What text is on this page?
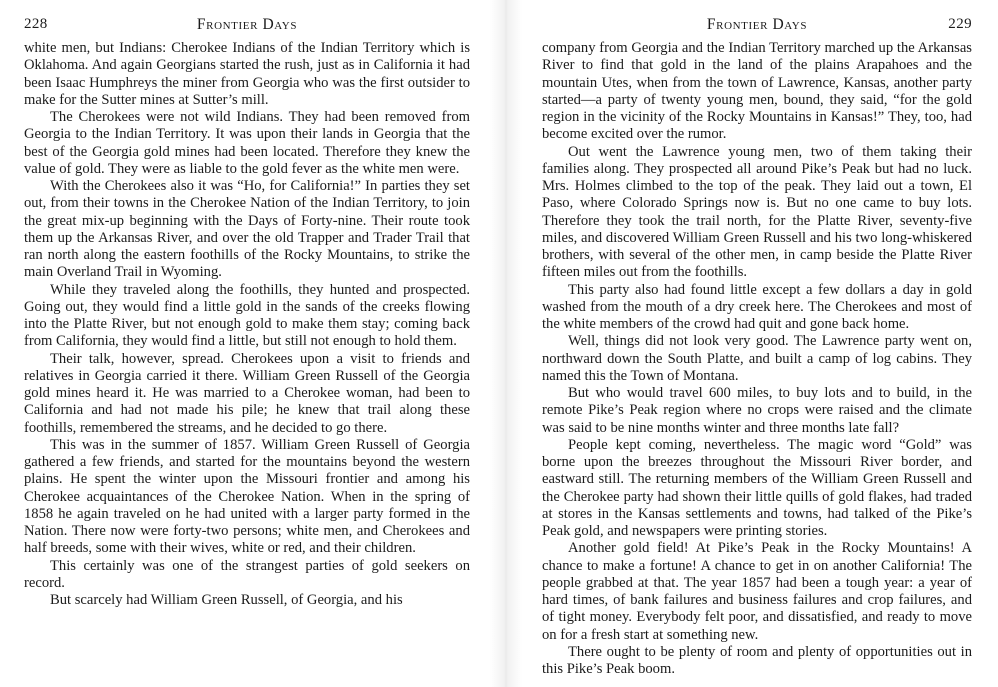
228	Frontier Days

white men, but Indians: Cherokee Indians of the Indian Territory which is Oklahoma. And again Georgians started the rush, just as in California it had been Isaac Humphreys the miner from Georgia who was the first outsider to make for the Sutter mines at Sutter’s mill.

The Cherokees were not wild Indians. They had been removed from Georgia to the Indian Territory. It was upon their lands in Georgia that the best of the Georgia gold mines had been located. Therefore they knew the value of gold. They were as liable to the gold fever as the white men were.

With the Cherokees also it was “Ho, for California!” In parties they set out, from their towns in the Cherokee Nation of the Indian Territory, to join the great mix-up beginning with the Days of Forty-nine. Their route took them up the Arkansas River, and over the old Trapper and Trader Trail that ran north along the eastern foothills of the Rocky Mountains, to strike the main Overland Trail in Wyoming.

While they traveled along the foothills, they hunted and prospected. Going out, they would find a little gold in the sands of the creeks flowing into the Platte River, but not enough gold to make them stay; coming back from California, they would find a little, but still not enough to hold them.

Their talk, however, spread. Cherokees upon a visit to friends and relatives in Georgia carried it there. William Green Russell of the Georgia gold mines heard it. He was married to a Cherokee woman, had been to California and had not made his pile; he knew that trail along these foothills, remembered the streams, and he decided to go there.

This was in the summer of 1857. William Green Russell of Georgia gathered a few friends, and started for the mountains beyond the western plains. He spent the winter upon the Missouri frontier and among his Cherokee acquaintances of the Cherokee Nation. When in the spring of 1858 he again traveled on he had united with a larger party formed in the Nation. There now were forty-two persons; white men, and Cherokees and half breeds, some with their wives, white or red, and their children.

This certainly was one of the strangest parties of gold seekers on record.

But scarcely had William Green Russell, of Georgia, and his

Frontier Days	229

company from Georgia and the Indian Territory marched up the Arkansas River to find that gold in the land of the plains Arapahoes and the mountain Utes, when from the town of Lawrence, Kansas, another party started—a party of twenty young men, bound, they said, “for the gold region in the vicinity of the Rocky Mountains in Kansas!” They, too, had become excited over the rumor.

Out went the Lawrence young men, two of them taking their families along. They prospected all around Pike’s Peak but had no luck. Mrs. Holmes climbed to the top of the peak. They laid out a town, El Paso, where Colorado Springs now is. But no one came to buy lots. Therefore they took the trail north, for the Platte River, seventy-five miles, and discovered William Green Russell and his two long-whiskered brothers, with several of the other men, in camp beside the Platte River fifteen miles out from the foothills.

This party also had found little except a few dollars a day in gold washed from the mouth of a dry creek here. The Cherokees and most of the white members of the crowd had quit and gone back home.

Well, things did not look very good. The Lawrence party went on, northward down the South Platte, and built a camp of log cabins. They named this the Town of Montana.

But who would travel 600 miles, to buy lots and to build, in the remote Pike’s Peak region where no crops were raised and the climate was said to be nine months winter and three months late fall?

People kept coming, nevertheless. The magic word “Gold” was borne upon the breezes throughout the Missouri River border, and eastward still. The returning members of the William Green Russell and the Cherokee party had shown their little quills of gold flakes, had traded at stores in the Kansas settlements and towns, had talked of the Pike’s Peak gold, and newspapers were printing stories.

Another gold field! At Pike’s Peak in the Rocky Mountains! A chance to make a fortune! A chance to get in on another California! The people grabbed at that. The year 1857 had been a tough year: a year of hard times, of bank failures and business failures and crop failures, and of tight money. Everybody felt poor, and dissatisfied, and ready to move on for a fresh start at something new.

There ought to be plenty of room and plenty of opportunities out in this Pike’s Peak boom.
